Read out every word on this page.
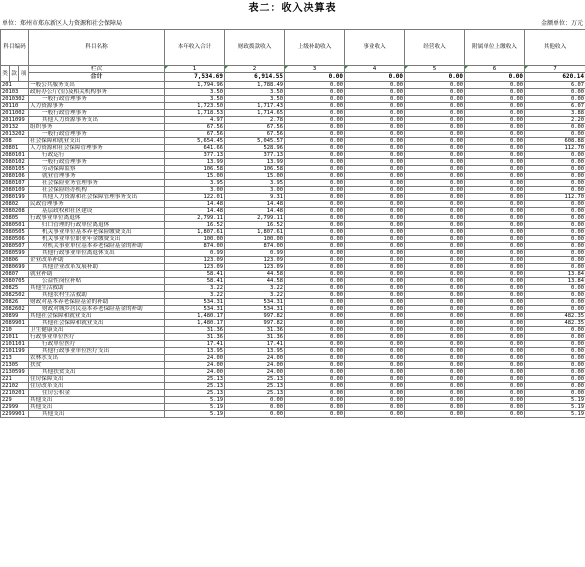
表二：收入决算表
单位：郑州市郑东新区人力资源和社会保障局	金额单位：万元
科目编码			科目名称	本年收入合计	财政拨款收入	上级补助收入	事业收入	经营收入	附属单位上缴收入	其他收入
类	款	项	栏次	1	2	3	4	5	6	7
			合计	7,534.69	6,914.55	0.00	0.00	0.00	0.00	620.14
201			一般公共服务支出	1,794.96	1,788.49	0.00	0.00	0.00	0.00	6.07
20103			政府办公厅(室)及相关机构事务	3.50	3.50	0.00	0.00	0.00	0.00	0.00
2010302			一般行政管理事务	3.50	3.50	0.00	0.00	0.00	0.00	0.00
20110			人力资源事务	1,723.50	1,717.43	0.00	0.00	0.00	0.00	6.07
2011002			一般行政管理事务	1,718.53	1,714.65	0.00	0.00	0.00	0.00	3.88
2011099			其他人力资源事务支出	4.97	2.78	0.00	0.00	0.00	0.00	2.20
20132			组织事务	67.56	67.56	0.00	0.00	0.00	0.00	0.00
2013202			一般行政管理事务	67.56	67.56	0.00	0.00	0.00	0.00	0.00
208			社会保障和就业支出	5,654.45	5,045.57	0.00	0.00	0.00	0.00	608.88
20801			人力资源和社会保障管理事务	641.66	528.96	0.00	0.00	0.00	0.00	112.70
2080101			行政运行	377.13	377.13	0.00	0.00	0.00	0.00	0.00
2080102			一般行政管理事务	13.99	13.99	0.00	0.00	0.00	0.00	0.00
2080105			劳动保障监察	106.58	106.58	0.00	0.00	0.00	0.00	0.00
2080106			就业管理事务	15.00	15.00	0.00	0.00	0.00	0.00	0.00
2080107			社会保险业务管理事务	3.95	3.95	0.00	0.00	0.00	0.00	0.00
2080109			社会保险经办机构	3.00	3.00	0.00	0.00	0.00	0.00	0.00
2080199			其他人力资源和社会保障管理事务支出	122.01	9.31	0.00	0.00	0.00	0.00	112.70
20802			民政管理事务	14.48	14.48	0.00	0.00	0.00	0.00	0.00
2080208			基层政权和社区建设	14.48	14.48	0.00	0.00	0.00	0.00	0.00
20805			行政事业单位离退休	2,799.11	2,799.11	0.00	0.00	0.00	0.00	0.00
2080501			归口管理的行政单位离退休	16.52	16.52	0.00	0.00	0.00	0.00	0.00
2080505			机关事业单位基本养老保险缴费支出	1,807.61	1,807.61	0.00	0.00	0.00	0.00	0.00
2080506			机关事业单位职业年金缴费支出	100.00	100.00	0.00	0.00	0.00	0.00	0.00
2080507			对机关事业单位基本养老保险基金的补助	874.00	874.00	0.00	0.00	0.00	0.00	0.00
2080599			其他行政事业单位离退休支出	0.99	0.99	0.00	0.00	0.00	0.00	0.00
20806			企业改革补助	123.09	123.09	0.00	0.00	0.00	0.00	0.00
2080699			其他企业改革发展补助	123.09	123.09	0.00	0.00	0.00	0.00	0.00
20807			就业补助	58.41	44.58	0.00	0.00	0.00	0.00	13.84
2080705			公益性岗位补贴	58.41	44.58	0.00	0.00	0.00	0.00	13.84
20825			其他生活救助	3.22	3.22	0.00	0.00	0.00	0.00	0.00
2082502			其他农村生活救助	3.22	3.22	0.00	0.00	0.00	0.00	0.00
20826			财政对基本养老保险基金的补助	534.31	534.31	0.00	0.00	0.00	0.00	0.00
2082602			财政对城乡居民基本养老保险基金的补助	534.31	534.31	0.00	0.00	0.00	0.00	0.00
20899			其他社会保障和就业支出	1,480.17	997.82	0.00	0.00	0.00	0.00	482.35
2089901			其他社会保障和就业支出	1,480.17	997.82	0.00	0.00	0.00	0.00	482.35
210			卫生健康支出	31.36	31.36	0.00	0.00	0.00	0.00	0.00
21011			行政事业单位医疗	31.36	31.36	0.00	0.00	0.00	0.00	0.00
2101101			行政单位医疗	17.41	17.41	0.00	0.00	0.00	0.00	0.00
2101199			其他行政事业单位医疗支出	13.95	13.95	0.00	0.00	0.00	0.00	0.00
213			农林水支出	24.00	24.00	0.00	0.00	0.00	0.00	0.00
21305			扶贫	24.00	24.00	0.00	0.00	0.00	0.00	0.00
2130599			其他扶贫支出	24.00	24.00	0.00	0.00	0.00	0.00	0.00
221			住房保障支出	25.13	25.13	0.00	0.00	0.00	0.00	0.00
22102			住房改革支出	25.13	25.13	0.00	0.00	0.00	0.00	0.00
2210201			住房公积金	25.13	25.13	0.00	0.00	0.00	0.00	0.00
229			其他支出	5.19	0.00	0.00	0.00	0.00	0.00	5.19
22999			其他支出	5.19	0.00	0.00	0.00	0.00	0.00	5.19
2299901			其他支出	5.19	0.00	0.00	0.00	0.00	0.00	5.19
